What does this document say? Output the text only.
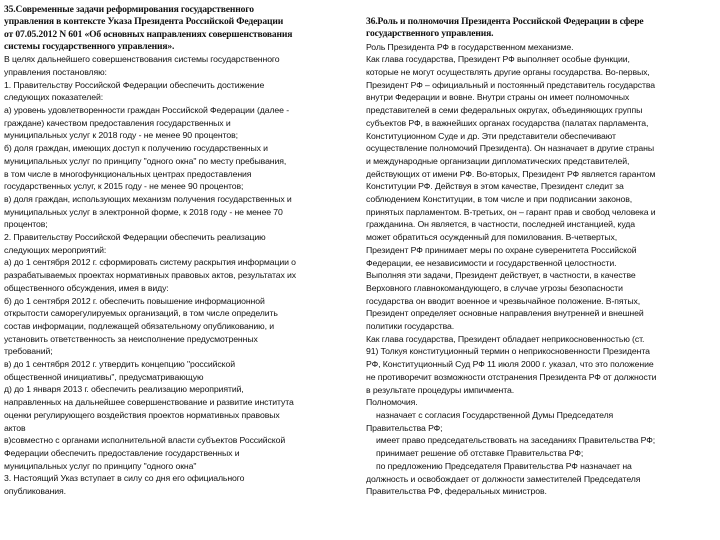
35.Современные задачи реформирования государственного
управления в контексте Указа Президента Российской Федерации
от 07.05.2012 N 601 «Об основных направлениях совершенствования
системы государственного управления».
В целях дальнейшего совершенствования системы государственного
управления постановляю:
1. Правительству Российской Федерации обеспечить достижение
следующих показателей:
а) уровень удовлетворенности граждан Российской Федерации (далее -
граждане) качеством предоставления государственных и
муниципальных услуг к 2018 году - не менее 90 процентов;
б) доля граждан, имеющих доступ к получению государственных и
муниципальных услуг по принципу "одного окна" по месту пребывания,
в том числе в многофункциональных центрах предоставления
государственных услуг, к 2015 году - не менее 90 процентов;
в) доля граждан, использующих механизм получения государственных и
муниципальных услуг в электронной форме, к 2018 году - не менее 70
процентов;
2. Правительству Российской Федерации обеспечить реализацию
следующих мероприятий:
а) до 1 сентября 2012 г. сформировать систему раскрытия информации о
разрабатываемых проектах нормативных правовых актов, результатах их
общественного обсуждения, имея в виду:
б) до 1 сентября 2012 г. обеспечить повышение информационной
открытости саморегулируемых организаций, в том числе определить
состав информации, подлежащей обязательному опубликованию, и
установить ответственность за неисполнение предусмотренных
требований;
в) до 1 сентября 2012 г. утвердить концепцию "российской
общественной инициативы", предусматривающую
д) до 1 января 2013 г. обеспечить реализацию мероприятий,
направленных на дальнейшее совершенствование и развитие института
оценки регулирующего воздействия проектов нормативных правовых
актов
в)совместно с органами исполнительной власти субъектов Российской
Федерации обеспечить предоставление государственных и
муниципальных услуг по принципу "одного окна"
3. Настоящий Указ вступает в силу со дня его официального
опубликования.
36.Роль и полномочия Президента Российской Федерации в сфере
государственного управления.
Роль Президента РФ в государственном механизме.
Как глава государства, Президент РФ выполняет особые функции,
которые не могут осуществлять другие органы государства. Во-первых,
Президент РФ – официальный и постоянный представитель государства
внутри Федерации и вовне. Внутри страны он имеет полномочных
представителей в семи федеральных округах, объединяющих группы
субъектов РФ, в важнейших органах государства (палатах парламента,
Конституционном Суде и др. Эти представители обеспечивают
осуществление полномочий Президента). Он назначает в другие страны
и международные организации дипломатических представителей,
действующих от имени РФ. Во-вторых, Президент РФ является гарантом
Конституции РФ. Действуя в этом качестве, Президент следит за
соблюдением Конституции, в том числе и при подписании законов,
принятых парламентом. В-третьих, он – гарант прав и свобод человека и
гражданина. Он является, в частности, последней инстанцией, куда
может обратиться осужденный для помилования. В-четвертых,
Президент РФ принимает меры по охране суверенитета Российской
Федерации, ее независимости и государственной целостности.
Выполняя эти задачи, Президент действует, в частности, в качестве
Верховного главнокомандующего, в случае угрозы безопасности
государства он вводит военное и чрезвычайное положение. В-пятых,
Президент определяет основные направления внутренней и внешней
политики государства.
Как глава государства, Президент обладает неприкосновенностью (ст.
91) Толкуя конституционный термин о неприкосновенности Президента
РФ, Конституционный Суд РФ 11 июля 2000 г. указал, что это положение
не противоречит возможности отстранения Президента РФ от должности
в результате процедуры импичмента.
Полномочия.
назначает с согласия Государственной Думы Председателя
Правительства РФ;
имеет право председательствовать на заседаниях Правительства РФ;
принимает решение об отставке Правительства РФ;
по предложению Председателя Правительства РФ назначает на
должность и освобождает от должности заместителей Председателя
Правительства РФ, федеральных министров.
